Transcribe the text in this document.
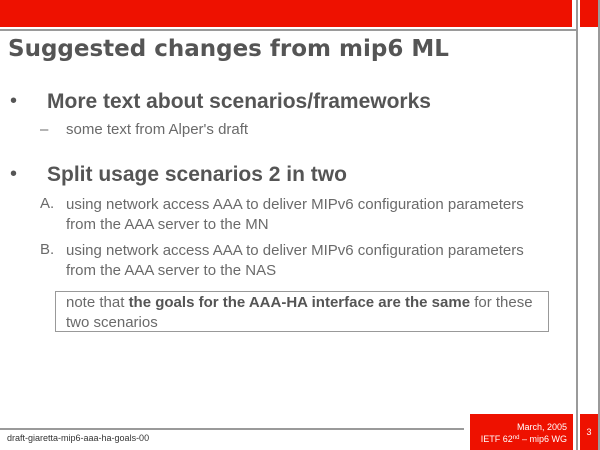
Suggested changes from mip6 ML
• More text about scenarios/frameworks
– some text from Alper's draft
• Split usage scenarios 2 in two
A. using network access AAA to deliver MIPv6 configuration parameters from the AAA server to the MN
B. using network access AAA to deliver MIPv6 configuration parameters from the AAA server to the NAS
note that the goals for the AAA-HA interface are the same for these two scenarios
draft-giaretta-mip6-aaa-ha-goals-00
March, 2005
IETF 62nd – mip6 WG
3
